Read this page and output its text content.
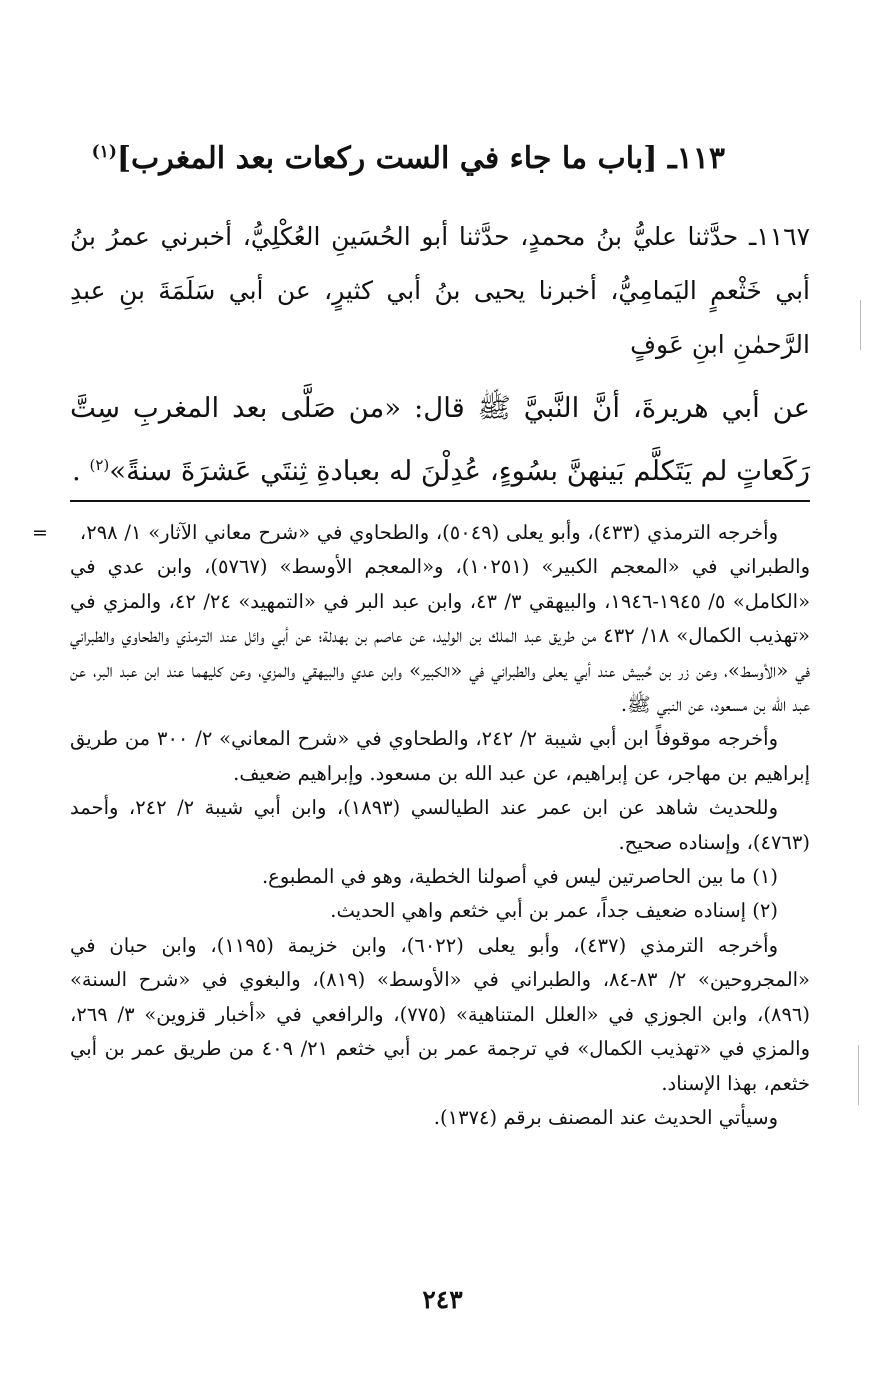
١١٣ـ [باب ما جاء في الست ركعات بعد المغرب]$^{(١)}$

١١٦٧ـ حدَّثنا عليُّ بنُ محمدٍ، حدَّثنا أبو الحُسَينِ العُكْلِيُّ، أخبرني عمرُ بنُ أبي خَثْعمٍ اليَمامِيُّ، أخبرنا يحيى بنُ أبي كثيرٍ، عن أبي سَلَمَةَ بنِ عبدِ الرَّحمٰنِ ابنِ عَوفٍ

عن أبي هريرةَ، أنَّ النَّبيَّ ﷺ قال: «من صَلَّى بعد المغربِ سِتَّ رَكَعاتٍ لم يَتَكلَّم بَينهنَّ بسُوءٍ، عُدِلْنَ له بعبادةِ ثِنتَي عَشرَةَ سنةً»$^{(٢)}$ .

=	وأخرجه الترمذي (٤٣٣)، وأبو يعلى (٥٠٤٩)، والطحاوي في «شرح معاني الآثار» ١/ ٢٩٨، والطبراني في «المعجم الكبير» (١٠٢٥١)، و«المعجم الأوسط» (٥٧٦٧)، وابن عدي في «الكامل» ٥/ ١٩٤٥-١٩٤٦، والبيهقي ٣/ ٤٣، وابن عبد البر في «التمهيد» ٢٤/ ٤٢، والمزي في «تهذيب الكمال» ١٨/ ٤٣٢ من طريق عبد الملك بن الوليد، عن عاصم بن بهدلة؛ عن أبي وائل عند الترمذي والطحاوي والطبراني في «الأوسط»، وعن زر بن حُبيش عند أبي يعلى والطبراني في «الكبير» وابن عدي والبيهقي والمزي، وعن كليهما عند ابن عبد البر، عن عبد الله بن مسعود، عن النبي ﷺ.

وأخرجه موقوفاً ابن أبي شيبة ٢/ ٢٤٢، والطحاوي في «شرح المعاني» ٢/ ٣٠٠ من طريق إبراهيم بن مهاجر، عن إبراهيم، عن عبد الله بن مسعود. وإبراهيم ضعيف.

وللحديث شاهد عن ابن عمر عند الطيالسي (١٨٩٣)، وابن أبي شيبة ٢/ ٢٤٢، وأحمد (٤٧٦٣)، وإسناده صحيح.

(١) ما بين الحاصرتين ليس في أصولنا الخطية، وهو في المطبوع.

(٢) إسناده ضعيف جداً، عمر بن أبي خثعم واهي الحديث.

وأخرجه الترمذي (٤٣٧)، وأبو يعلى (٦٠٢٢)، وابن خزيمة (١١٩٥)، وابن حبان في «المجروحين» ٢/ ٨٣-٨٤، والطبراني في «الأوسط» (٨١٩)، والبغوي في «شرح السنة» (٨٩٦)، وابن الجوزي في «العلل المتناهية» (٧٧٥)، والرافعي في «أخبار قزوين» ٣/ ٢٦٩، والمزي في «تهذيب الكمال» في ترجمة عمر بن أبي خثعم ٢١/ ٤٠٩ من طريق عمر بن أبي خثعم، بهذا الإسناد.

وسيأتي الحديث عند المصنف برقم (١٣٧٤).

٢٤٣
